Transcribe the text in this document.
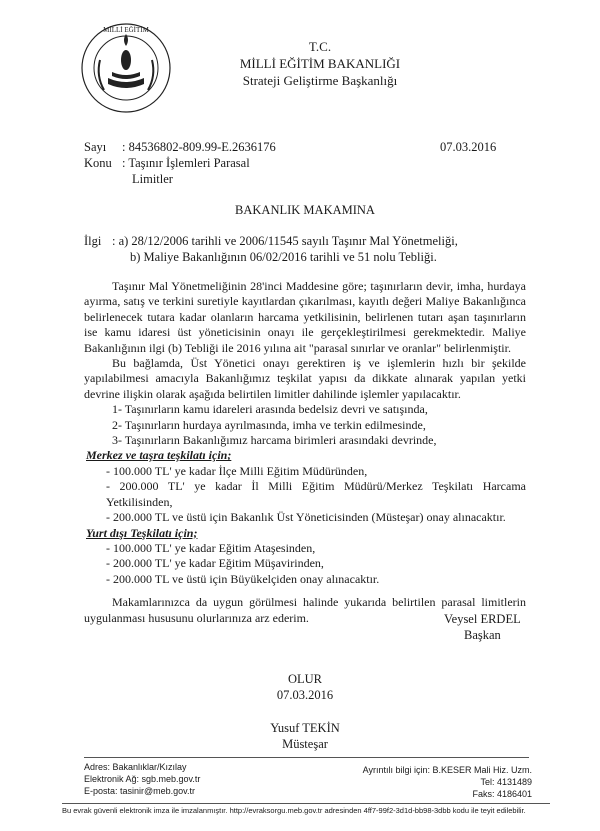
MİLLİ EĞİTİM
T.C.
MİLLİ EĞİTİM BAKANLIĞI
Strateji Geliştirme Başkanlığı
Sayı	: 84536802-809.99-E.2636176
Konu : Taşınır İşlemleri Parasal
Limitler
07.03.2016
BAKANLIK MAKAMINA
İlgi : a) 28/12/2006 tarihli ve 2006/11545 sayılı Taşınır Mal Yönetmeliği,
b) Maliye Bakanlığının 06/02/2016 tarihli ve 51 nolu Tebliği.

Taşınır Mal Yönetmeliğinin 28'inci Maddesine göre; taşınırların devir, imha, hurdaya ayırma, satış ve terkini suretiyle kayıtlardan çıkarılması, kayıtlı değeri Maliye Bakanlığınca belirlenecek tutara kadar olanların harcama yetkilisinin, belirlenen tutarı aşan taşınırların ise kamu idaresi üst yöneticisinin onayı ile gerçekleştirilmesi gerekmektedir. Maliye Bakanlığının ilgi (b) Tebliği ile 2016 yılına ait "parasal sınırlar ve oranlar" belirlenmiştir.

Bu bağlamda, Üst Yönetici onayı gerektiren iş ve işlemlerin hızlı bir şekilde yapılabilmesi amacıyla Bakanlığımız teşkilat yapısı da dikkate alınarak yapılan yetki devrine ilişkin olarak aşağıda belirtilen limitler dahilinde işlemler yapılacaktır.

1- Taşınırların kamu idareleri arasında bedelsiz devri ve satışında,

2- Taşınırların hurdaya ayrılmasında, imha ve terkin edilmesinde,

3- Taşınırların Bakanlığımız harcama birimleri arasındaki devrinde,

Merkez ve taşra teşkilatı için;

- 100.000 TL' ye kadar İlçe Milli Eğitim Müdüründen,

- 200.000 TL' ye kadar İl Milli Eğitim Müdürü/Merkez Teşkilatı Harcama Yetkilisinden,

- 200.000 TL ve üstü için Bakanlık Üst Yöneticisinden (Müsteşar) onay alınacaktır.

Yurt dışı Teşkilatı için;

- 100.000 TL' ye kadar Eğitim Ataşesinden,

- 200.000 TL' ye kadar Eğitim Müşavirinden,

- 200.000 TL ve üstü için Büyükelçiden onay alınacaktır.

Makamlarınızca da uygun görülmesi halinde yukarıda belirtilen parasal limitlerin uygulanması hususunu olurlarınıza arz ederim.	Veysel ERDEL
Başkan
OLUR
07.03.2016
Yusuf TEKİN
Müsteşar
Adres: Bakanlıklar/Kızılay
Elektronik Ağ: sgb.meb.gov.tr
E-posta: tasinir@meb.gov.tr
Ayrıntılı bilgi için: B.KESER Mali Hiz. Uzm.
Tel: 4131489
Faks: 4186401
Bu evrak güvenli elektronik imza ile imzalanmıştır. http://evraksorgu.meb.gov.tr adresinden 4ff7-99f2-3d1d-bb98-3dbb kodu ile teyit edilebilir.
